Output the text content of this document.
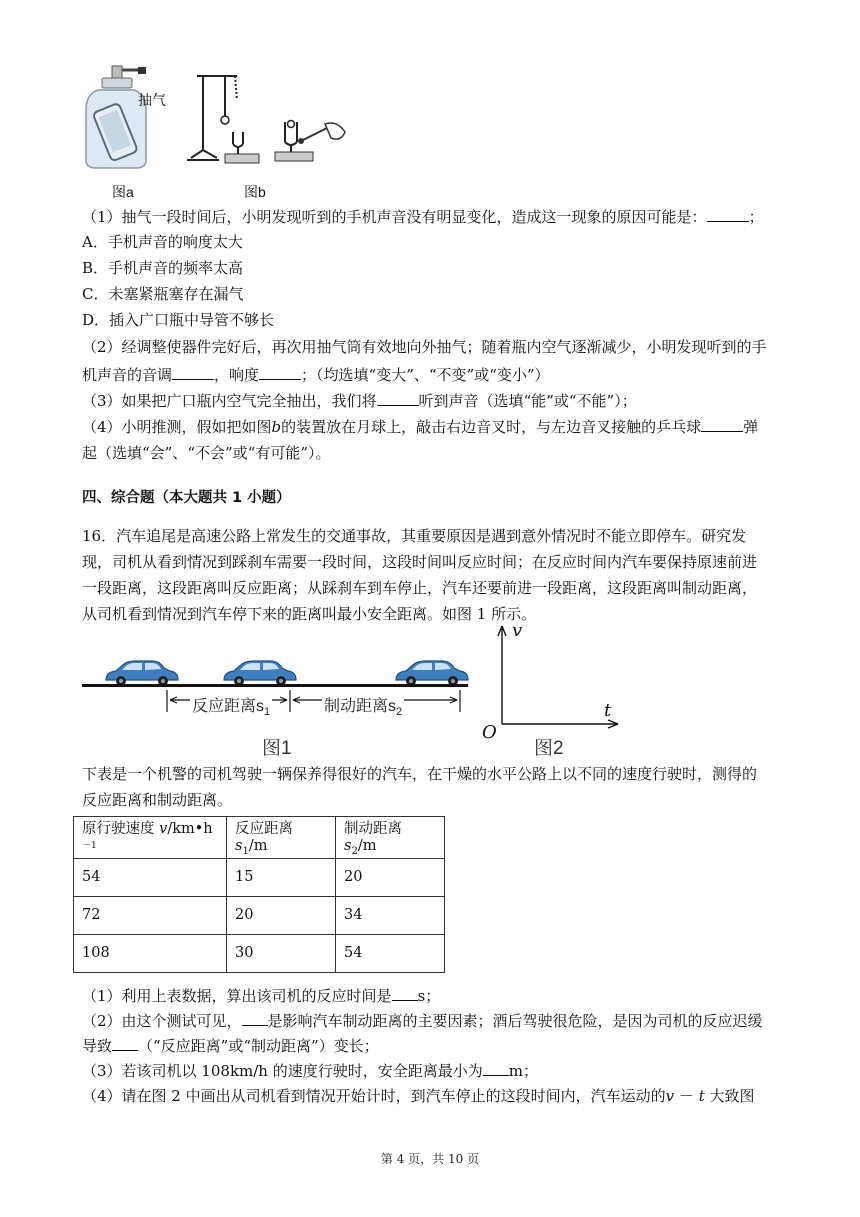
抽气
图a	图b
（1）抽气一段时间后，小明发现听到的手机声音没有明显变化，造成这一现象的原因可能是：	；
A．手机声音的响度太大
B．手机声音的频率太高
C．未塞紧瓶塞存在漏气
D．插入广口瓶中导管不够长
（2）经调整使器件完好后，再次用抽气筒有效地向外抽气；随着瓶内空气逐渐减少，小明发现听到的手
机声音的音调	，响度	；（均选填“变大”、“不变”或“变小”）
（3）如果把广口瓶内空气完全抽出，我们将	听到声音（选填“能”或“不能”）；
（4）小明推测，假如把如图b的装置放在月球上，敲击右边音叉时，与左边音叉接触的乒乓球	弹
起（选填“会”、“不会”或“有可能”）。
四、综合题（本大题共 1 小题）
16．汽车追尾是高速公路上常发生的交通事故，其重要原因是遇到意外情况时不能立即停车。研究发
现，司机从看到情况到踩刹车需要一段时间，这段时间叫反应时间；在反应时间内汽车要保持原速前进
一段距离，这段距离叫反应距离；从踩刹车到车停止，汽车还要前进一段距离，这段距离叫制动距离，
从司机看到情况到汽车停下来的距离叫最小安全距离。如图 1 所示。
反应距离$s_1$	制动距离$s_2$
图1
v
t
O
图2
下表是一个机警的司机驾驶一辆保养得很好的汽车，在干燥的水平公路上以不同的速度行驶时，测得的
反应距离和制动距离。
原行驶速度 $v/km•h^{-1}$	反应距离 $s_1/m$	制动距离 $s_2/m$
54	15	20
72	20	34
108	30	54
（1）利用上表数据，算出该司机的反应时间是 s；
（2）由这个测试可见， 是影响汽车制动距离的主要因素；酒后驾驶很危险，是因为司机的反应迟缓
导致 （“反应距离”或“制动距离”）变长；
（3）若该司机以 108km/h 的速度行驶时，安全距离最小为 m；
（4）请在图 2 中画出从司机看到情况开始计时，到汽车停止的这段时间内，汽车运动的v － t 大致图
第 4 页，共 10 页
